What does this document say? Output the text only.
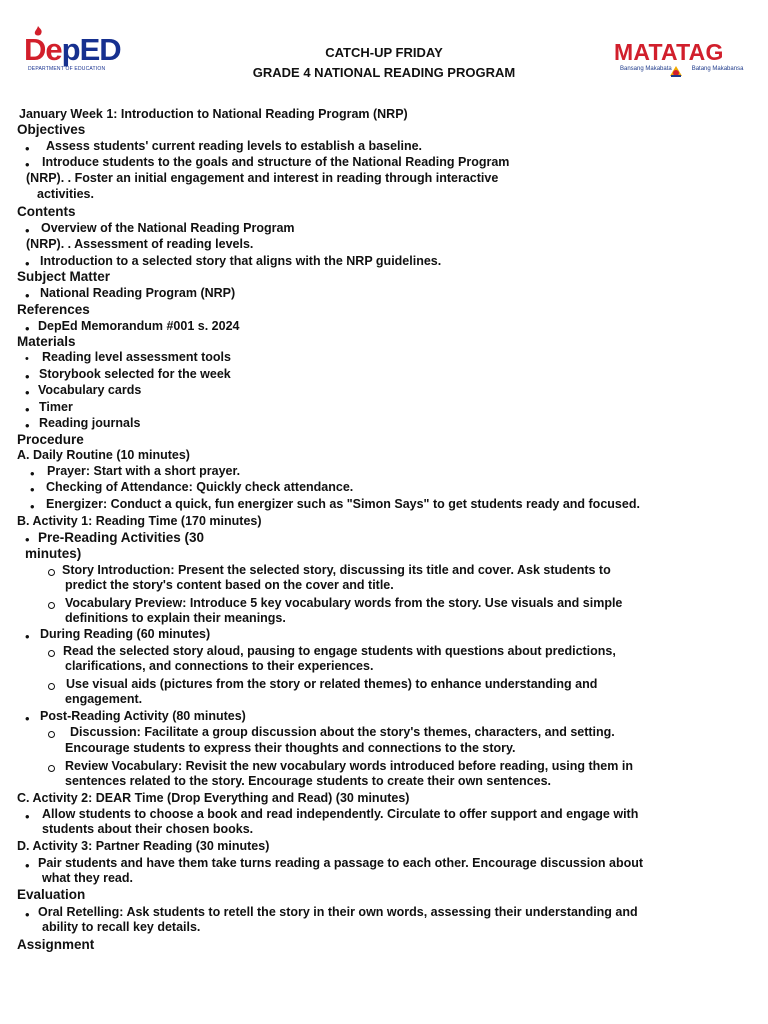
DepED
DEPARTMENT OF EDUCATION
CATCH-UP FRIDAY
GRADE 4 NATIONAL READING PROGRAM
MATATAG
Bansang Makabata	Batang Makabansa
January Week 1: Introduction to National Reading Program (NRP)
Objectives
Assess students' current reading levels to establish a baseline.
•
Introduce students to the goals and structure of the National Reading Program
•
(NRP). . Foster an initial engagement and interest in reading through interactive
activities.
Contents
Overview of the National Reading Program
•
(NRP). . Assessment of reading levels.
Introduction to a selected story that aligns with the NRP guidelines.
•
Subject Matter
National Reading Program (NRP)
•
References
DepEd Memorandum #001 s. 2024
•
Materials
Reading level assessment tools
•
Storybook selected for the week
•
Vocabulary cards
•
Timer
•
Reading journals
•
Procedure
A. Daily Routine (10 minutes)
Prayer: Start with a short prayer.
•
Checking of Attendance: Quickly check attendance.
•
Energizer: Conduct a quick, fun energizer such as "Simon Says" to get students ready and focused.
•
B. Activity 1: Reading Time (170 minutes)
Pre-Reading Activities (30
•
minutes)
Story Introduction: Present the selected story, discussing its title and cover. Ask students to
predict the story's content based on the cover and title.
Vocabulary Preview: Introduce 5 key vocabulary words from the story. Use visuals and simple
definitions to explain their meanings.
During Reading (60 minutes)
•
Read the selected story aloud, pausing to engage students with questions about predictions,
clarifications, and connections to their experiences.
Use visual aids (pictures from the story or related themes) to enhance understanding and
engagement.
Post-Reading Activity (80 minutes)
•
Discussion: Facilitate a group discussion about the story's themes, characters, and setting.
Encourage students to express their thoughts and connections to the story.
Review Vocabulary: Revisit the new vocabulary words introduced before reading, using them in
sentences related to the story. Encourage students to create their own sentences.
C. Activity 2: DEAR Time (Drop Everything and Read) (30 minutes)
Allow students to choose a book and read independently. Circulate to offer support and engage with
•
students about their chosen books.
D. Activity 3: Partner Reading (30 minutes)
Pair students and have them take turns reading a passage to each other. Encourage discussion about
•
what they read.
Evaluation
Oral Retelling: Ask students to retell the story in their own words, assessing their understanding and
•
ability to recall key details.
Assignment
